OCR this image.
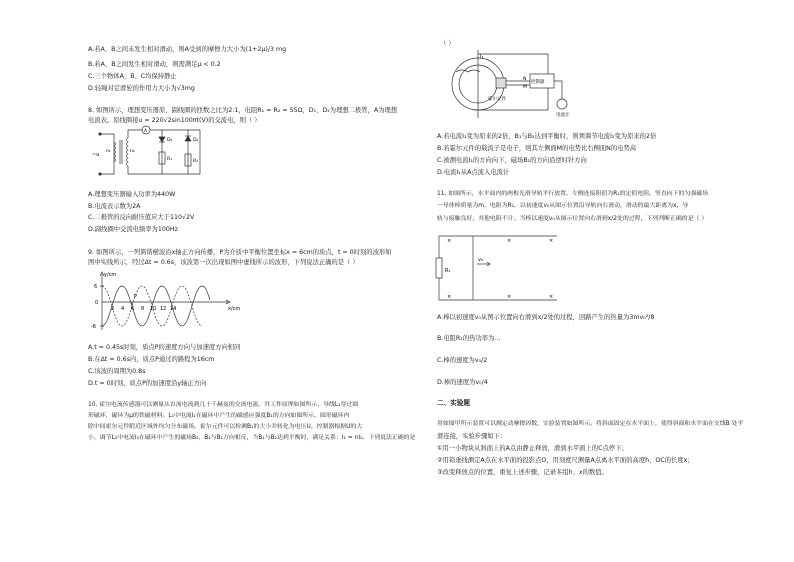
A.若A、B之间未发生相对滑动，则A受到的摩擦力大小为(1+2μ)/3 mg
B.若A、B之间发生相对滑动，则需满足μ < 0.2
C.三个物体A、B、C均保持静止
D.轻绳对定滑轮的作用力大小为√3mg
8. 如图所示，理想变压器原、副线圈的匝数之比为2:1，电阻R₁ = R₂ = 55Ω，D₁、D₂为理想二极管，A为理想
电流表。原线圈接u = 220√2sin100πt(V)的交流电，则（ ）
~u
n₁	n₂
A
D₁	D₂
R₁	R₂
A.理想变压器输入功率为440W
B.电流表示数为2A
C.二极管的反向耐压值应大于110√2V
D.副线圈中交流电频率为100Hz
9. 如图所示，一列简谐横波沿x轴正方向传播，P为介质中平衡位置坐标x = 6cm的质点，t = 0时刻的波形如
图中实线所示，经过Δt = 0.6s，该波第一次出现如图中虚线所示的波形，下列说法正确的是（ ）
y/cm
x/cm
6
0
-6
2 4 6 8 10 12 14
P
A.t = 0.45s时刻，质点P的速度方向与加速度方向相同
B.在Δt = 0.6s内，质点P通过的路程为16cm
C.该波的周期为0.8s
D.t = 0时刻，质点P的加速度沿y轴正方向
10. 霍尔电流传感器可以测量从直流电流到几十千赫兹的交流电流。其工作原理如图所示，导线L₁穿过圆
形磁环，磁环为μ的铁磁材料。L₁中电流I₁在磁环中产生的磁感应强度B₁的方向如图所示，圆形磁环内
除中间霍尔元件附近区域外均匀分布磁场，霍尔元件可以检测B₁的大小并转化为电压U。控制器根据U的大
小，调节L₂中电流I₂在磁环中产生的磁场B₂，B₂与B₁方向相反，当B₁与B₂达到平衡时，满足关系：I₁ = nI₂。下列说法正确的是
（ ）
I₁
控制器
霍尔元件
电流计
N
M
A.若电流I₁变为原来的2倍，B₁与B₂达到平衡时，则须调节电流I₂变为原来的2倍
B.若霍尔元件的载流子是电子，则其左侧面M的电势比右侧面N的电势高
C.被测电流I₁的方向向下，磁场B₁的方向沿逆时针方向
D.电流I₂从A点流入电流计
11. 如图所示，水平面内的两根光滑导轨平行放置，左侧连接阻值为R₁的定值电阻。竖直向下的匀强磁场
一导体棒质量为m，电阻为R₂，以初速度v₀从图示位置沿导轨向右滑动，滑动的最大距离为x，导
轨与接触良好，其他电阻不计。当棒以速度v₀从图示位置向右滑到x/2处的过程，下列判断正确的是（ ）
×	×	×
×	×	×
R₁
v₀
A.棒以初速度v₀从图示位置向右滑到x/2处的过程，回路产生的热量为3mv₀²/8
B.电阻R₁的热功率为...
C.棒的速度为v₀/2
D.棒的速度为v₀/4
二、实验题
用如图甲所示装置可以测定动摩擦因数，实验装置如图所示。将斜面固定在水平面上，使得斜面和水平面在交线B 处平
滑连接，实验步骤如下：
①用一小物块从斜面上的A点由静止释放，滑到水平面上的C点停下；
②用铅垂线测定A点在水平面的投影点O，用刻度尺测量A点离水平面的高度h、OC的长度x；
③改变释放点的位置，重复上述步骤，记录多组h、x的数值。
